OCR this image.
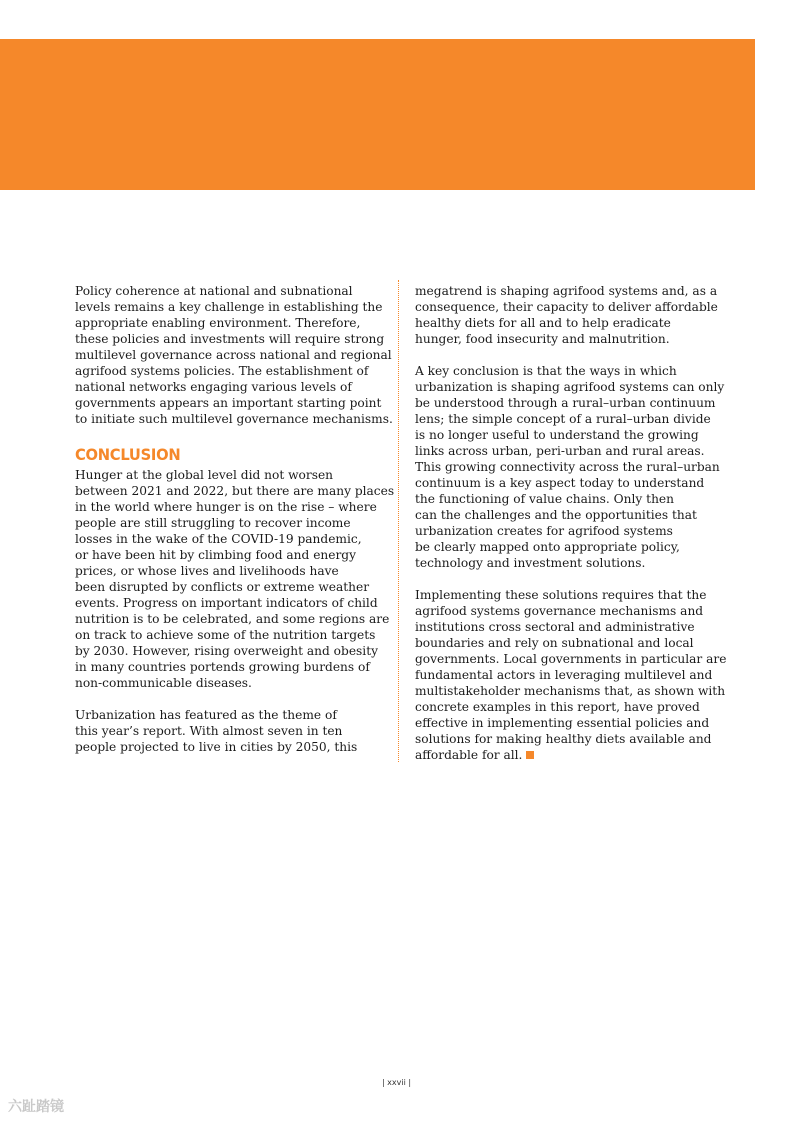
Policy coherence at national and subnational
levels remains a key challenge in establishing the
appropriate enabling environment. Therefore,
these policies and investments will require strong
multilevel governance across national and regional
agrifood systems policies. The establishment of
national networks engaging various levels of
governments appears an important starting point
to initiate such multilevel governance mechanisms.
CONCLUSION
Hunger at the global level did not worsen
between 2021 and 2022, but there are many places
in the world where hunger is on the rise – where
people are still struggling to recover income
losses in the wake of the COVID-19 pandemic,
or have been hit by climbing food and energy
prices, or whose lives and livelihoods have
been disrupted by conflicts or extreme weather
events. Progress on important indicators of child
nutrition is to be celebrated, and some regions are
on track to achieve some of the nutrition targets
by 2030. However, rising overweight and obesity
in many countries portends growing burdens of
non-communicable diseases.
Urbanization has featured as the theme of
this year’s report. With almost seven in ten
people projected to live in cities by 2050, this
megatrend is shaping agrifood systems and, as a
consequence, their capacity to deliver affordable
healthy diets for all and to help eradicate
hunger, food insecurity and malnutrition.
A key conclusion is that the ways in which
urbanization is shaping agrifood systems can only
be understood through a rural–urban continuum
lens; the simple concept of a rural–urban divide
is no longer useful to understand the growing
links across urban, peri-urban and rural areas.
This growing connectivity across the rural–urban
continuum is a key aspect today to understand
the functioning of value chains. Only then
can the challenges and the opportunities that
urbanization creates for agrifood systems
be clearly mapped onto appropriate policy,
technology and investment solutions.
Implementing these solutions requires that the
agrifood systems governance mechanisms and
institutions cross sectoral and administrative
boundaries and rely on subnational and local
governments. Local governments in particular are
fundamental actors in leveraging multilevel and
multistakeholder mechanisms that, as shown with
concrete examples in this report, have proved
effective in implementing essential policies and
solutions for making healthy diets available and
affordable for all.
| xxvii |
六趾踏镜
